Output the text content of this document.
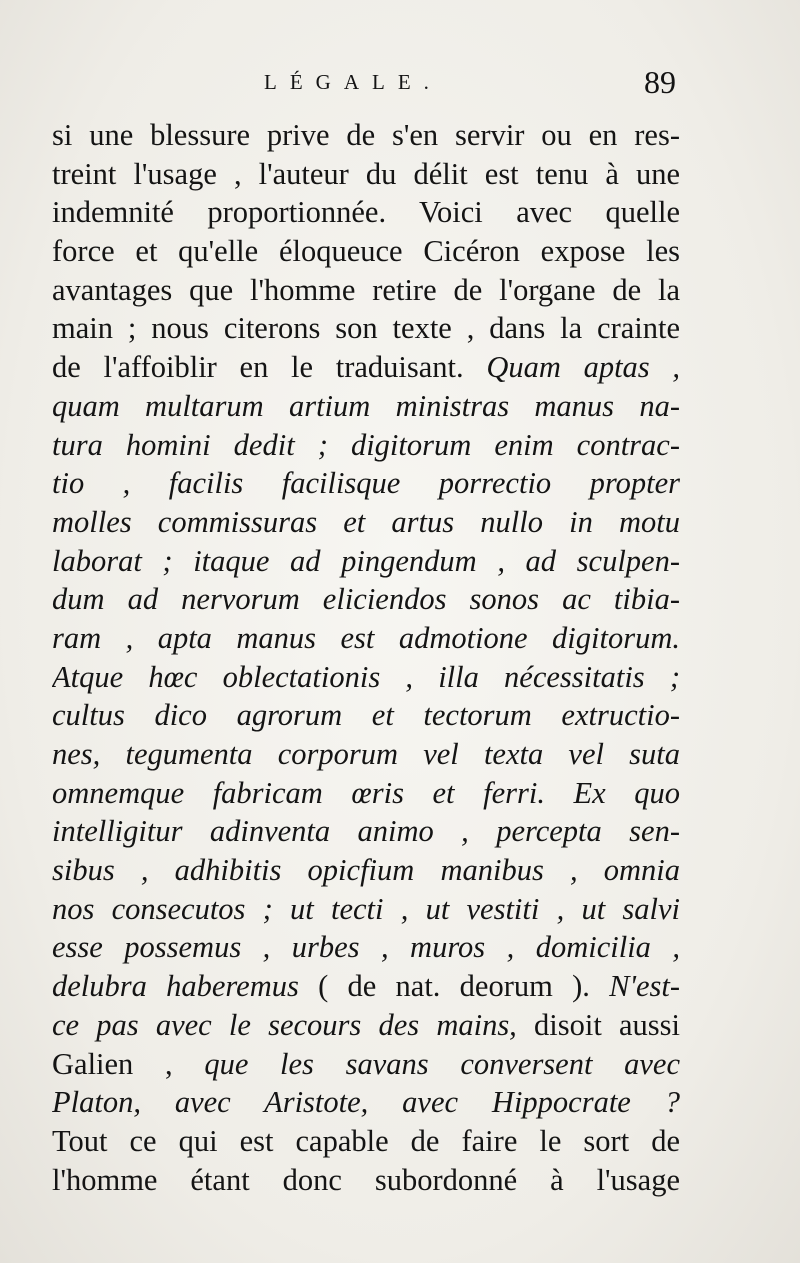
LÉGALE.	89
si une blessure prive de s'en servir ou en res-
treint l'usage , l'auteur du délit est tenu à une
indemnité proportionnée. Voici avec quelle
force et qu'elle éloqueuce Cicéron expose les
avantages que l'homme retire de l'organe de la
main ; nous citerons son texte , dans la crainte
de l'affoiblir en le traduisant. Quam aptas ,
quam multarum artium ministras manus na-
tura homini dedit ; digitorum enim contrac-
tio , facilis facilisque porrectio propter
molles commissuras et artus nullo in motu
laborat ; itaque ad pingendum , ad sculpen-
dum ad nervorum eliciendos sonos ac tibia-
ram , apta manus est admotione digitorum.
Atque hœc oblectationis , illa nécessitatis ;
cultus dico agrorum et tectorum extructio-
nes, tegumenta corporum vel texta vel suta
omnemque fabricam œris et ferri. Ex quo
intelligitur adinventa animo , percepta sen-
sibus , adhibitis opicfium manibus , omnia
nos consecutos ; ut tecti , ut vestiti , ut salvi
esse possemus , urbes , muros , domicilia ,
delubra haberemus ( de nat. deorum ). N'est-
ce pas avec le secours des mains, disoit aussi
Galien , que les savans conversent avec
Platon, avec Aristote, avec Hippocrate ?
Tout ce qui est capable de faire le sort de
l'homme étant donc subordonné à l'usage
